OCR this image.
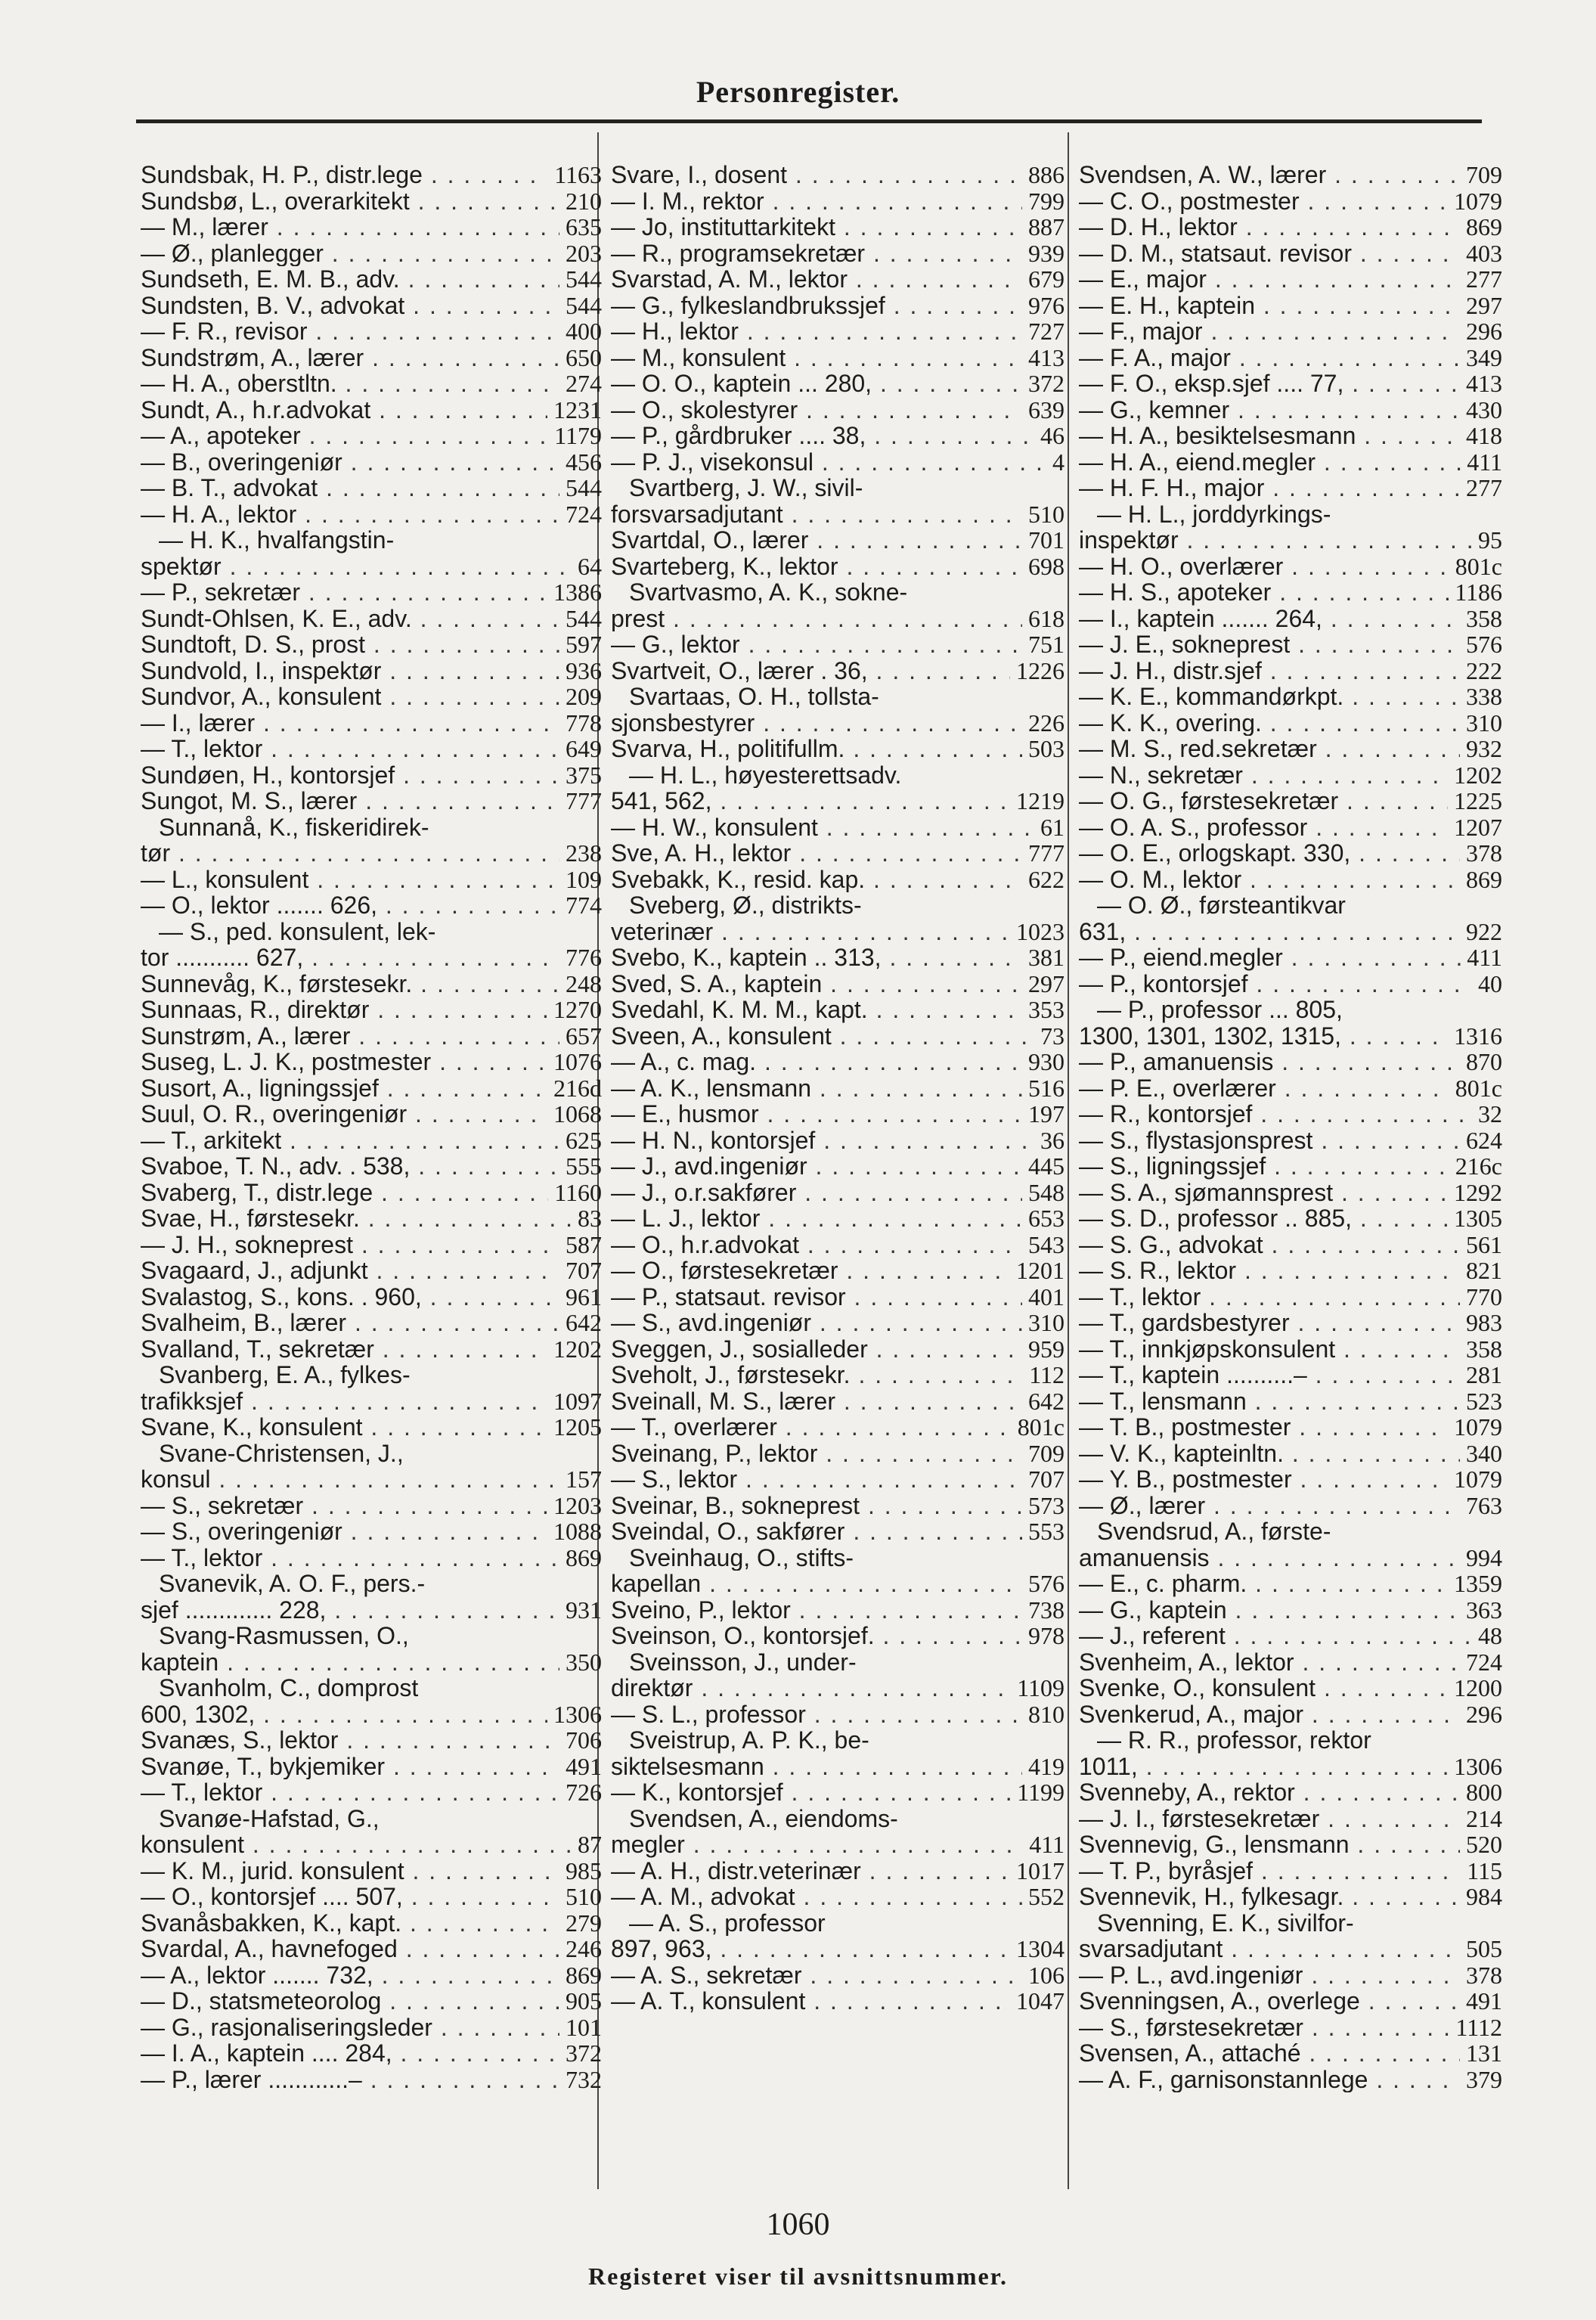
Personregister.
Sundsbak, H. P., distr.lege . . .	1163
Sundsbø, L., overarkitekt . . .	210
— M., lærer . . .	635
— Ø., planlegger . . .	203
Sundseth, E. M. B., adv. . . .	544
Sundsten, B. V., advokat . . .	544
— F. R., revisor . . .	400
Sundstrøm, A., lærer . . .	650
— H. A., oberstltn. . . .	274
Sundt, A., h.r.advokat . . .	1231
— A., apoteker . . .	1179
— B., overingeniør . . .	456
— B. T., advokat . . .	544
— H. A., lektor . . .	724
— H. K., hvalfangstin-
spektør . . .	64
— P., sekretær . . .	1386
Sundt-Ohlsen, K. E., adv. . . .	544
Sundtoft, D. S., prost . . .	597
Sundvold, I., inspektør . . .	936
Sundvor, A., konsulent . . .	209
— I., lærer . . .	778
— T., lektor . . .	649
Sundøen, H., kontorsjef . . .	375
Sungot, M. S., lærer . . .	777
Sunnanå, K., fiskeridirek-
tør . . .	238
— L., konsulent . . .	109
— O., lektor ....... 626, . . .	774
— S., ped. konsulent, lek-
tor ........... 627, . . .	776
Sunnevåg, K., førstesekr. . . .	248
Sunnaas, R., direktør . . .	1270
Sunstrøm, A., lærer . . .	657
Suseg, L. J. K., postmester . . .	1076
Susort, A., ligningssjef . . .	216d
Suul, O. R., overingeniør . . .	1068
— T., arkitekt . . .	625
Svaboe, T. N., adv. . 538, . . .	555
Svaberg, T., distr.lege . . .	1160
Svae, H., førstesekr. . . .	83
— J. H., sokneprest . . .	587
Svagaard, J., adjunkt . . .	707
Svalastog, S., kons. . 960, . . .	961
Svalheim, B., lærer . . .	642
Svalland, T., sekretær . . .	1202
Svanberg, E. A., fylkes-
trafikksjef . . .	1097
Svane, K., konsulent . . .	1205
Svane-Christensen, J.,
konsul . . .	157
— S., sekretær . . .	1203
— S., overingeniør . . .	1088
— T., lektor . . .	869
Svanevik, A. O. F., pers.-
sjef ............. 228, . . .	931
Svang-Rasmussen, O.,
kaptein . . .	350
Svanholm, C., domprost
600, 1302, . . .	1306
Svanæs, S., lektor . . .	706
Svanøe, T., bykjemiker . . .	491
— T., lektor . . .	726
Svanøe-Hafstad, G.,
konsulent . . .	87
— K. M., jurid. konsulent . . .	985
— O., kontorsjef .... 507, . . .	510
Svanåsbakken, K., kapt. . . .	279
Svardal, A., havnefoged . . .	246
— A., lektor ....... 732, . . .	869
— D., statsmeteorolog . . .	905
— G., rasjonaliseringsleder . . .	101
— I. A., kaptein .... 284, . . .	372
— P., lærer ............– . . .	732
Svare, I., dosent . . .	886
— I. M., rektor . . .	799
— Jo, instituttarkitekt . . .	887
— R., programsekretær . . .	939
Svarstad, A. M., lektor . . .	679
— G., fylkeslandbrukssjef . . .	976
— H., lektor . . .	727
— M., konsulent . . .	413
— O. O., kaptein ... 280, . . .	372
— O., skolestyrer . . .	639
— P., gårdbruker .... 38, . . .	46
— P. J., visekonsul . . .	4
Svartberg, J. W., sivil-
forsvarsadjutant . . .	510
Svartdal, O., lærer . . .	701
Svarteberg, K., lektor . . .	698
Svartvasmo, A. K., sokne-
prest . . .	618
— G., lektor . . .	751
Svartveit, O., lærer . 36, . . .	1226
Svartaas, O. H., tollsta-
sjonsbestyrer . . .	226
Svarva, H., politifullm. . . .	503
— H. L., høyesterettsadv.
541, 562, . . .	1219
— H. W., konsulent . . .	61
Sve, A. H., lektor . . .	777
Svebakk, K., resid. kap. . . .	622
Sveberg, Ø., distrikts-
veterinær . . .	1023
Svebo, K., kaptein .. 313, . . .	381
Sved, S. A., kaptein . . .	297
Svedahl, K. M. M., kapt. . . .	353
Sveen, A., konsulent . . .	73
— A., c. mag. . . .	930
— A. K., lensmann . . .	516
— E., husmor . . .	197
— H. N., kontorsjef . . .	36
— J., avd.ingeniør . . .	445
— J., o.r.sakfører . . .	548
— L. J., lektor . . .	653
— O., h.r.advokat . . .	543
— O., førstesekretær . . .	1201
— P., statsaut. revisor . . .	401
— S., avd.ingeniør . . .	310
Sveggen, J., sosialleder . . .	959
Sveholt, J., førstesekr. . . .	112
Sveinall, M. S., lærer . . .	642
— T., overlærer . . .	801c
Sveinang, P., lektor . . .	709
— S., lektor . . .	707
Sveinar, B., sokneprest . . .	573
Sveindal, O., sakfører . . .	553
Sveinhaug, O., stifts-
kapellan . . .	576
Sveino, P., lektor . . .	738
Sveinson, O., kontorsjef. . . .	978
Sveinsson, J., under-
direktør . . .	1109
— S. L., professor . . .	810
Sveistrup, A. P. K., be-
siktelsesmann . . .	419
— K., kontorsjef . . .	1199
Svendsen, A., eiendoms-
megler . . .	411
— A. H., distr.veterinær . . .	1017
— A. M., advokat . . .	552
— A. S., professor
897, 963, . . .	1304
— A. S., sekretær . . .	106
— A. T., konsulent . . .	1047
Svendsen, A. W., lærer . . .	709
— C. O., postmester . . .	1079
— D. H., lektor . . .	869
— D. M., statsaut. revisor . . .	403
— E., major . . .	277
— E. H., kaptein . . .	297
— F., major . . .	296
— F. A., major . . .	349
— F. O., eksp.sjef .... 77, . . .	413
— G., kemner . . .	430
— H. A., besiktelsesmann . . .	418
— H. A., eiend.megler . . .	411
— H. F. H., major . . .	277
— H. L., jorddyrkings-
inspektør . . .	95
— H. O., overlærer . . .	801c
— H. S., apoteker . . .	1186
— I., kaptein ....... 264, . . .	358
— J. E., sokneprest . . .	576
— J. H., distr.sjef . . .	222
— K. E., kommandørkpt. . . .	338
— K. K., overing. . . .	310
— M. S., red.sekretær . . .	932
— N., sekretær . . .	1202
— O. G., førstesekretær . . .	1225
— O. A. S., professor . . .	1207
— O. E., orlogskapt. 330, . . .	378
— O. M., lektor . . .	869
— O. Ø., førsteantikvar
631, . . .	922
— P., eiend.megler . . .	411
— P., kontorsjef . . .	40
— P., professor ... 805,
1300, 1301, 1302, 1315, . . .	1316
— P., amanuensis . . .	870
— P. E., overlærer . . .	801c
— R., kontorsjef . . .	32
— S., flystasjonsprest . . .	624
— S., ligningssjef . . .	216c
— S. A., sjømannsprest . . .	1292
— S. D., professor .. 885, . . .	1305
— S. G., advokat . . .	561
— S. R., lektor . . .	821
— T., lektor . . .	770
— T., gardsbestyrer . . .	983
— T., innkjøpskonsulent . . .	358
— T., kaptein ..........– . . .	281
— T., lensmann . . .	523
— T. B., postmester . . .	1079
— V. K., kapteinltn. . . .	340
— Y. B., postmester . . .	1079
— Ø., lærer . . .	763
Svendsrud, A., første-
amanuensis . . .	994
— E., c. pharm. . . .	1359
— G., kaptein . . .	363
— J., referent . . .	48
Svenheim, A., lektor . . .	724
Svenke, O., konsulent . . .	1200
Svenkerud, A., major . . .	296
— R. R., professor, rektor
1011, . . .	1306
Svenneby, A., rektor . . .	800
— J. I., førstesekretær . . .	214
Svennevig, G., lensmann . . .	520
— T. P., byråsjef . . .	115
Svennevik, H., fylkesagr. . . .	984
Svenning, E. K., sivilfor-
svarsadjutant . . .	505
— P. L., avd.ingeniør . . .	378
Svenningsen, A., overlege . . .	491
— S., førstesekretær . . .	1112
Svensen, A., attaché . . .	131
— A. F., garnisonstannlege . . .	379
1060
Registeret viser til avsnittsnummer.
